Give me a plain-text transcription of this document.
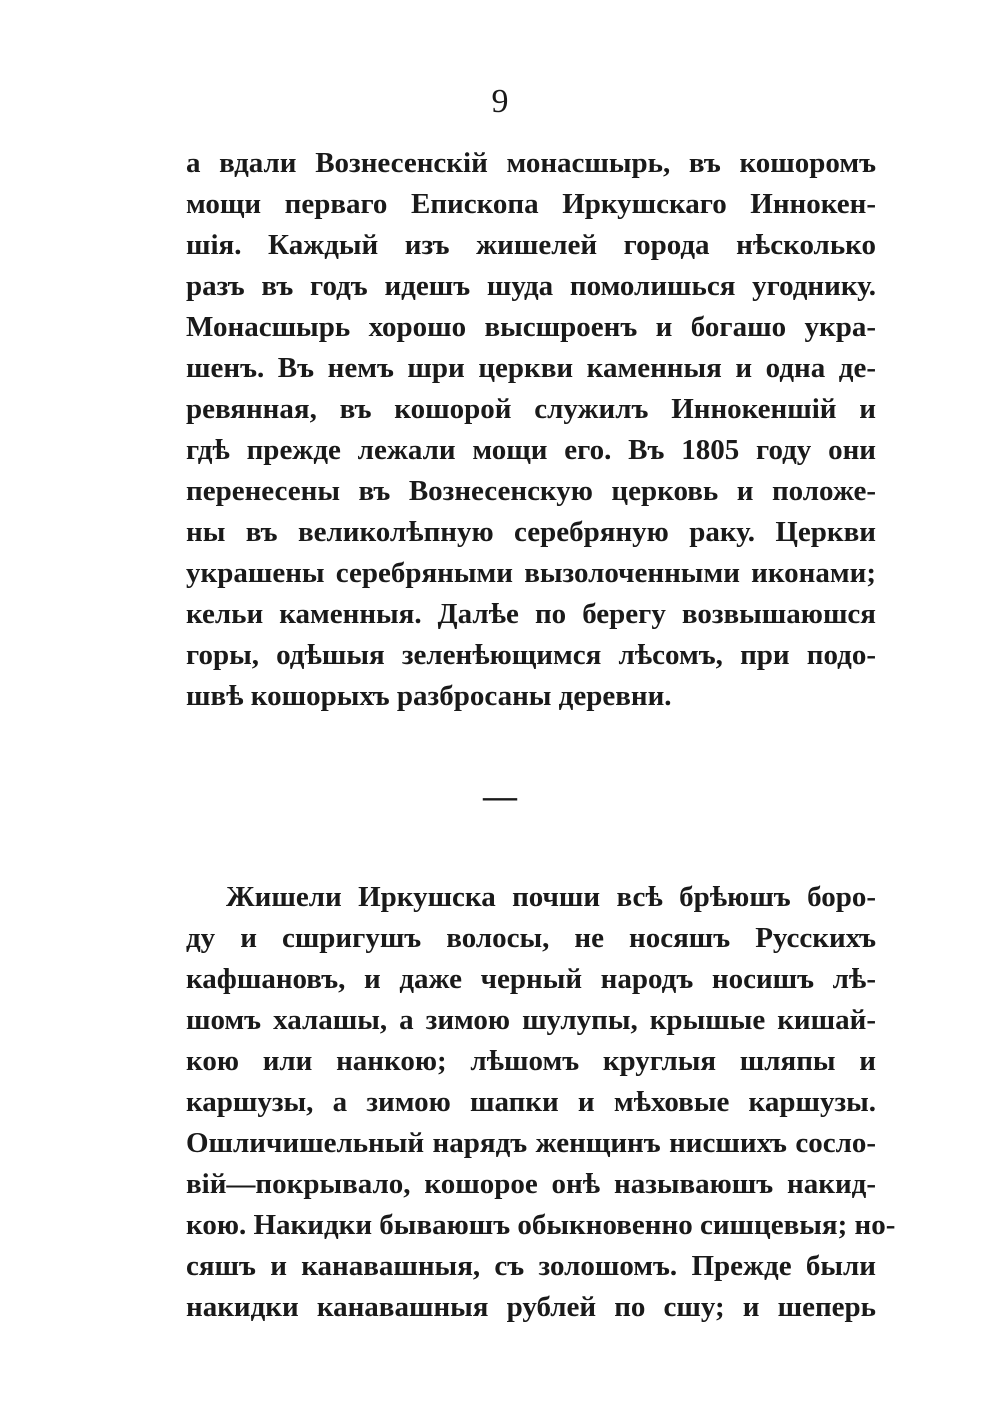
9
а вдали Вознесенскій монасшырь, въ кошоромъ
мощи перваго Епископа Иркушскаго Иннокен-
шія. Каждый изъ жишелей города нѣсколько
разъ въ годъ идешъ шуда помолишься угоднику.
Монасшырь хорошо высшроенъ и богашо укра-
шенъ. Въ немъ шри церкви каменныя и одна де-
ревянная, въ кошорой служилъ Иннокеншій и
гдѣ прежде лежали мощи его. Въ 1805 году они
перенесены въ Вознесенскую церковь и положе-
ны въ великолѣпную серебряную раку. Церкви
украшены серебряными вызолоченными иконами;
кельи каменныя. Далѣе по берегу возвышаюшся
горы, одѣшыя зеленѣющимся лѣсомъ, при подо-
швѣ кошорыхъ разбросаны деревни.
—
Жишели Иркушска почши всѣ брѣюшъ боро-
ду и сшригушъ волосы, не носяшъ Русскихъ
кафшановъ, и даже черный народъ носишъ лѣ-
шомъ халашы, а зимою шулупы, крышые кишай-
кою или нанкою; лѣшомъ круглыя шляпы и
каршузы, а зимою шапки и мѣховые каршузы.
Ошличишельный нарядъ женщинъ нисшихъ сосло-
вій—покрывало, кошорое онѣ называюшъ накид-
кою. Накидки бываюшъ обыкновенно сишцевыя; но-
сяшъ и канавашныя, съ золошомъ. Прежде были
накидки канавашныя рублей по сшу; и шеперь
